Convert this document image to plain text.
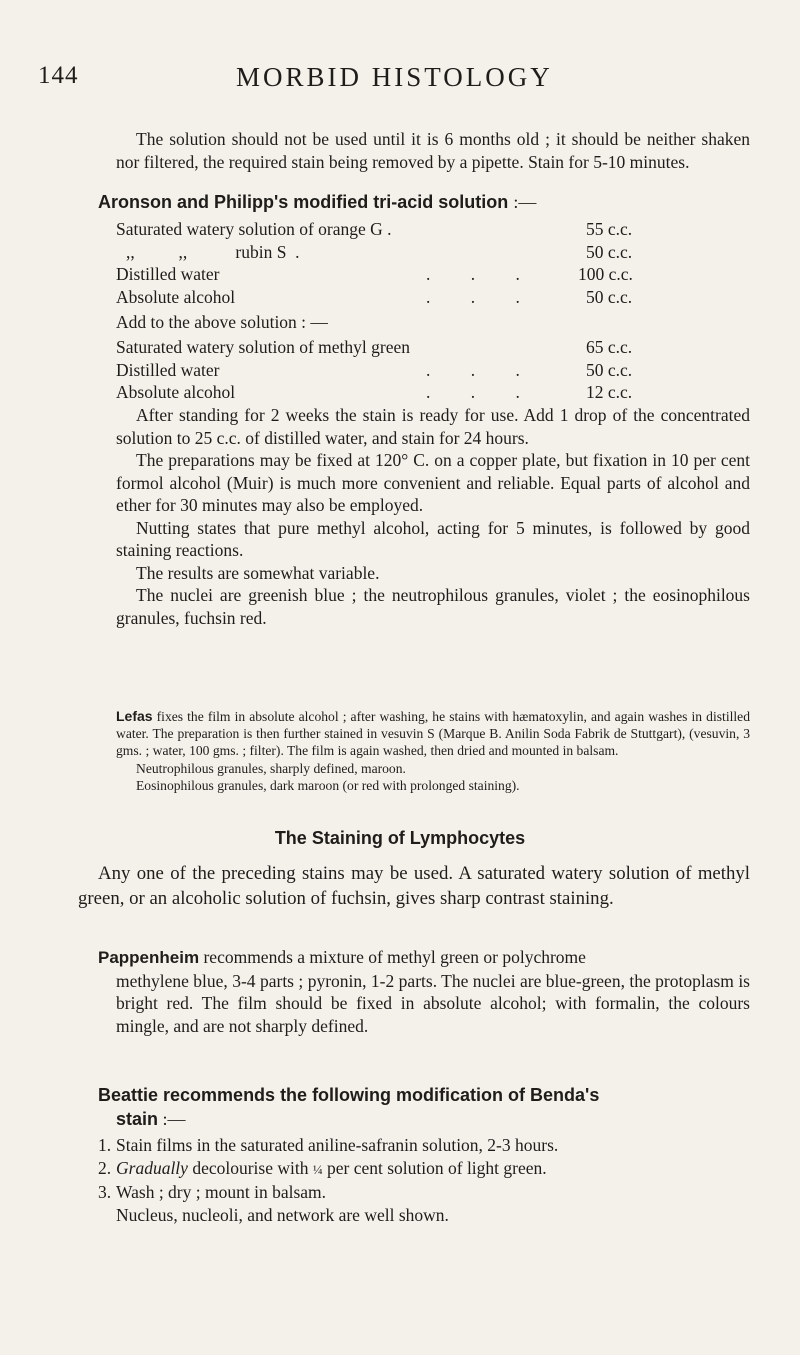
144	MORBID HISTOLOGY

The solution should not be used until it is 6 months old ; it should be neither shaken nor filtered, the required stain being removed by a pipette. Stain for 5-10 minutes.

Aronson and Philipp's modified tri-acid solution :—
Saturated watery solution of orange G .	55 c.c.
,,          ,,           rubin S  .	50 c.c.
Distilled water	. . . 100 c.c.
Absolute alcohol	. . .	50 c.c.
Add to the above solution : —
Saturated watery solution of methyl green	65 c.c.
Distilled water	. . .	50 c.c.
Absolute alcohol	. . .	12 c.c.

After standing for 2 weeks the stain is ready for use. Add 1 drop of the concentrated solution to 25 c.c. of distilled water, and stain for 24 hours.

The preparations may be fixed at 120° C. on a copper plate, but fixation in 10 per cent formol alcohol (Muir) is much more convenient and reliable. Equal parts of alcohol and ether for 30 minutes may also be employed.

Nutting states that pure methyl alcohol, acting for 5 minutes, is followed by good staining reactions.

The results are somewhat variable.

The nuclei are greenish blue ; the neutrophilous granules, violet ; the eosinophilous granules, fuchsin red.

Lefas fixes the film in absolute alcohol ; after washing, he stains with hæmatoxylin, and again washes in distilled water. The preparation is then further stained in vesuvin S (Marque B. Anilin Soda Fabrik de Stuttgart), (vesuvin, 3 gms. ; water, 100 gms. ; filter). The film is again washed, then dried and mounted in balsam.

Neutrophilous granules, sharply defined, maroon.

Eosinophilous granules, dark maroon (or red with prolonged staining).

The Staining of Lymphocytes

Any one of the preceding stains may be used. A saturated watery solution of methyl green, or an alcoholic solution of fuchsin, gives sharp contrast staining.

Pappenheim recommends a mixture of methyl green or polychrome
methylene blue, 3-4 parts ; pyronin, 1-2 parts. The nuclei are blue-green, the protoplasm is bright red. The film should be fixed in absolute alcohol; with formalin, the colours mingle, and are not sharply defined.
Beattie recommends the following modification of Benda's
stain :—
1. Stain films in the saturated aniline-safranin solution, 2-3 hours.
2. Gradually decolourise with ¼ per cent solution of light green.
3. Wash ; dry ; mount in balsam.
Nucleus, nucleoli, and network are well shown.
